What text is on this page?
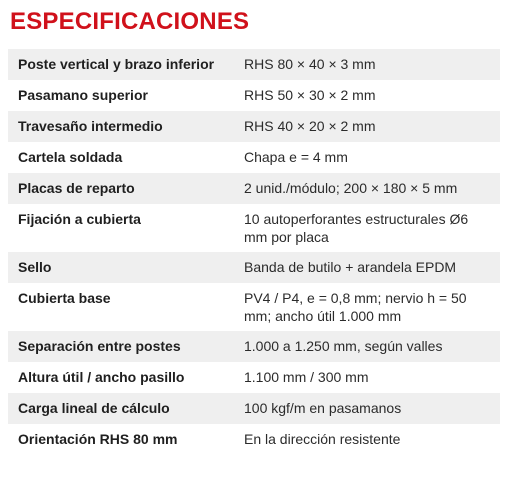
ESPECIFICACIONES
Poste vertical y brazo inferior	RHS 80 × 40 × 3 mm
Pasamano superior	RHS 50 × 30 × 2 mm
Travesaño intermedio	RHS 40 × 20 × 2 mm
Cartela soldada	Chapa e = 4 mm
Placas de reparto	2 unid./módulo; 200 × 180 × 5 mm
Fijación a cubierta	10 autoperforantes estructurales Ø6 mm por placa
Sello	Banda de butilo + arandela EPDM
Cubierta base	PV4 / P4, e = 0,8 mm; nervio h = 50 mm; ancho útil 1.000 mm
Separación entre postes	1.000 a 1.250 mm, según valles
Altura útil / ancho pasillo	1.100 mm / 300 mm
Carga lineal de cálculo	100 kgf/m en pasamanos
Orientación RHS 80 mm	En la dirección resistente
